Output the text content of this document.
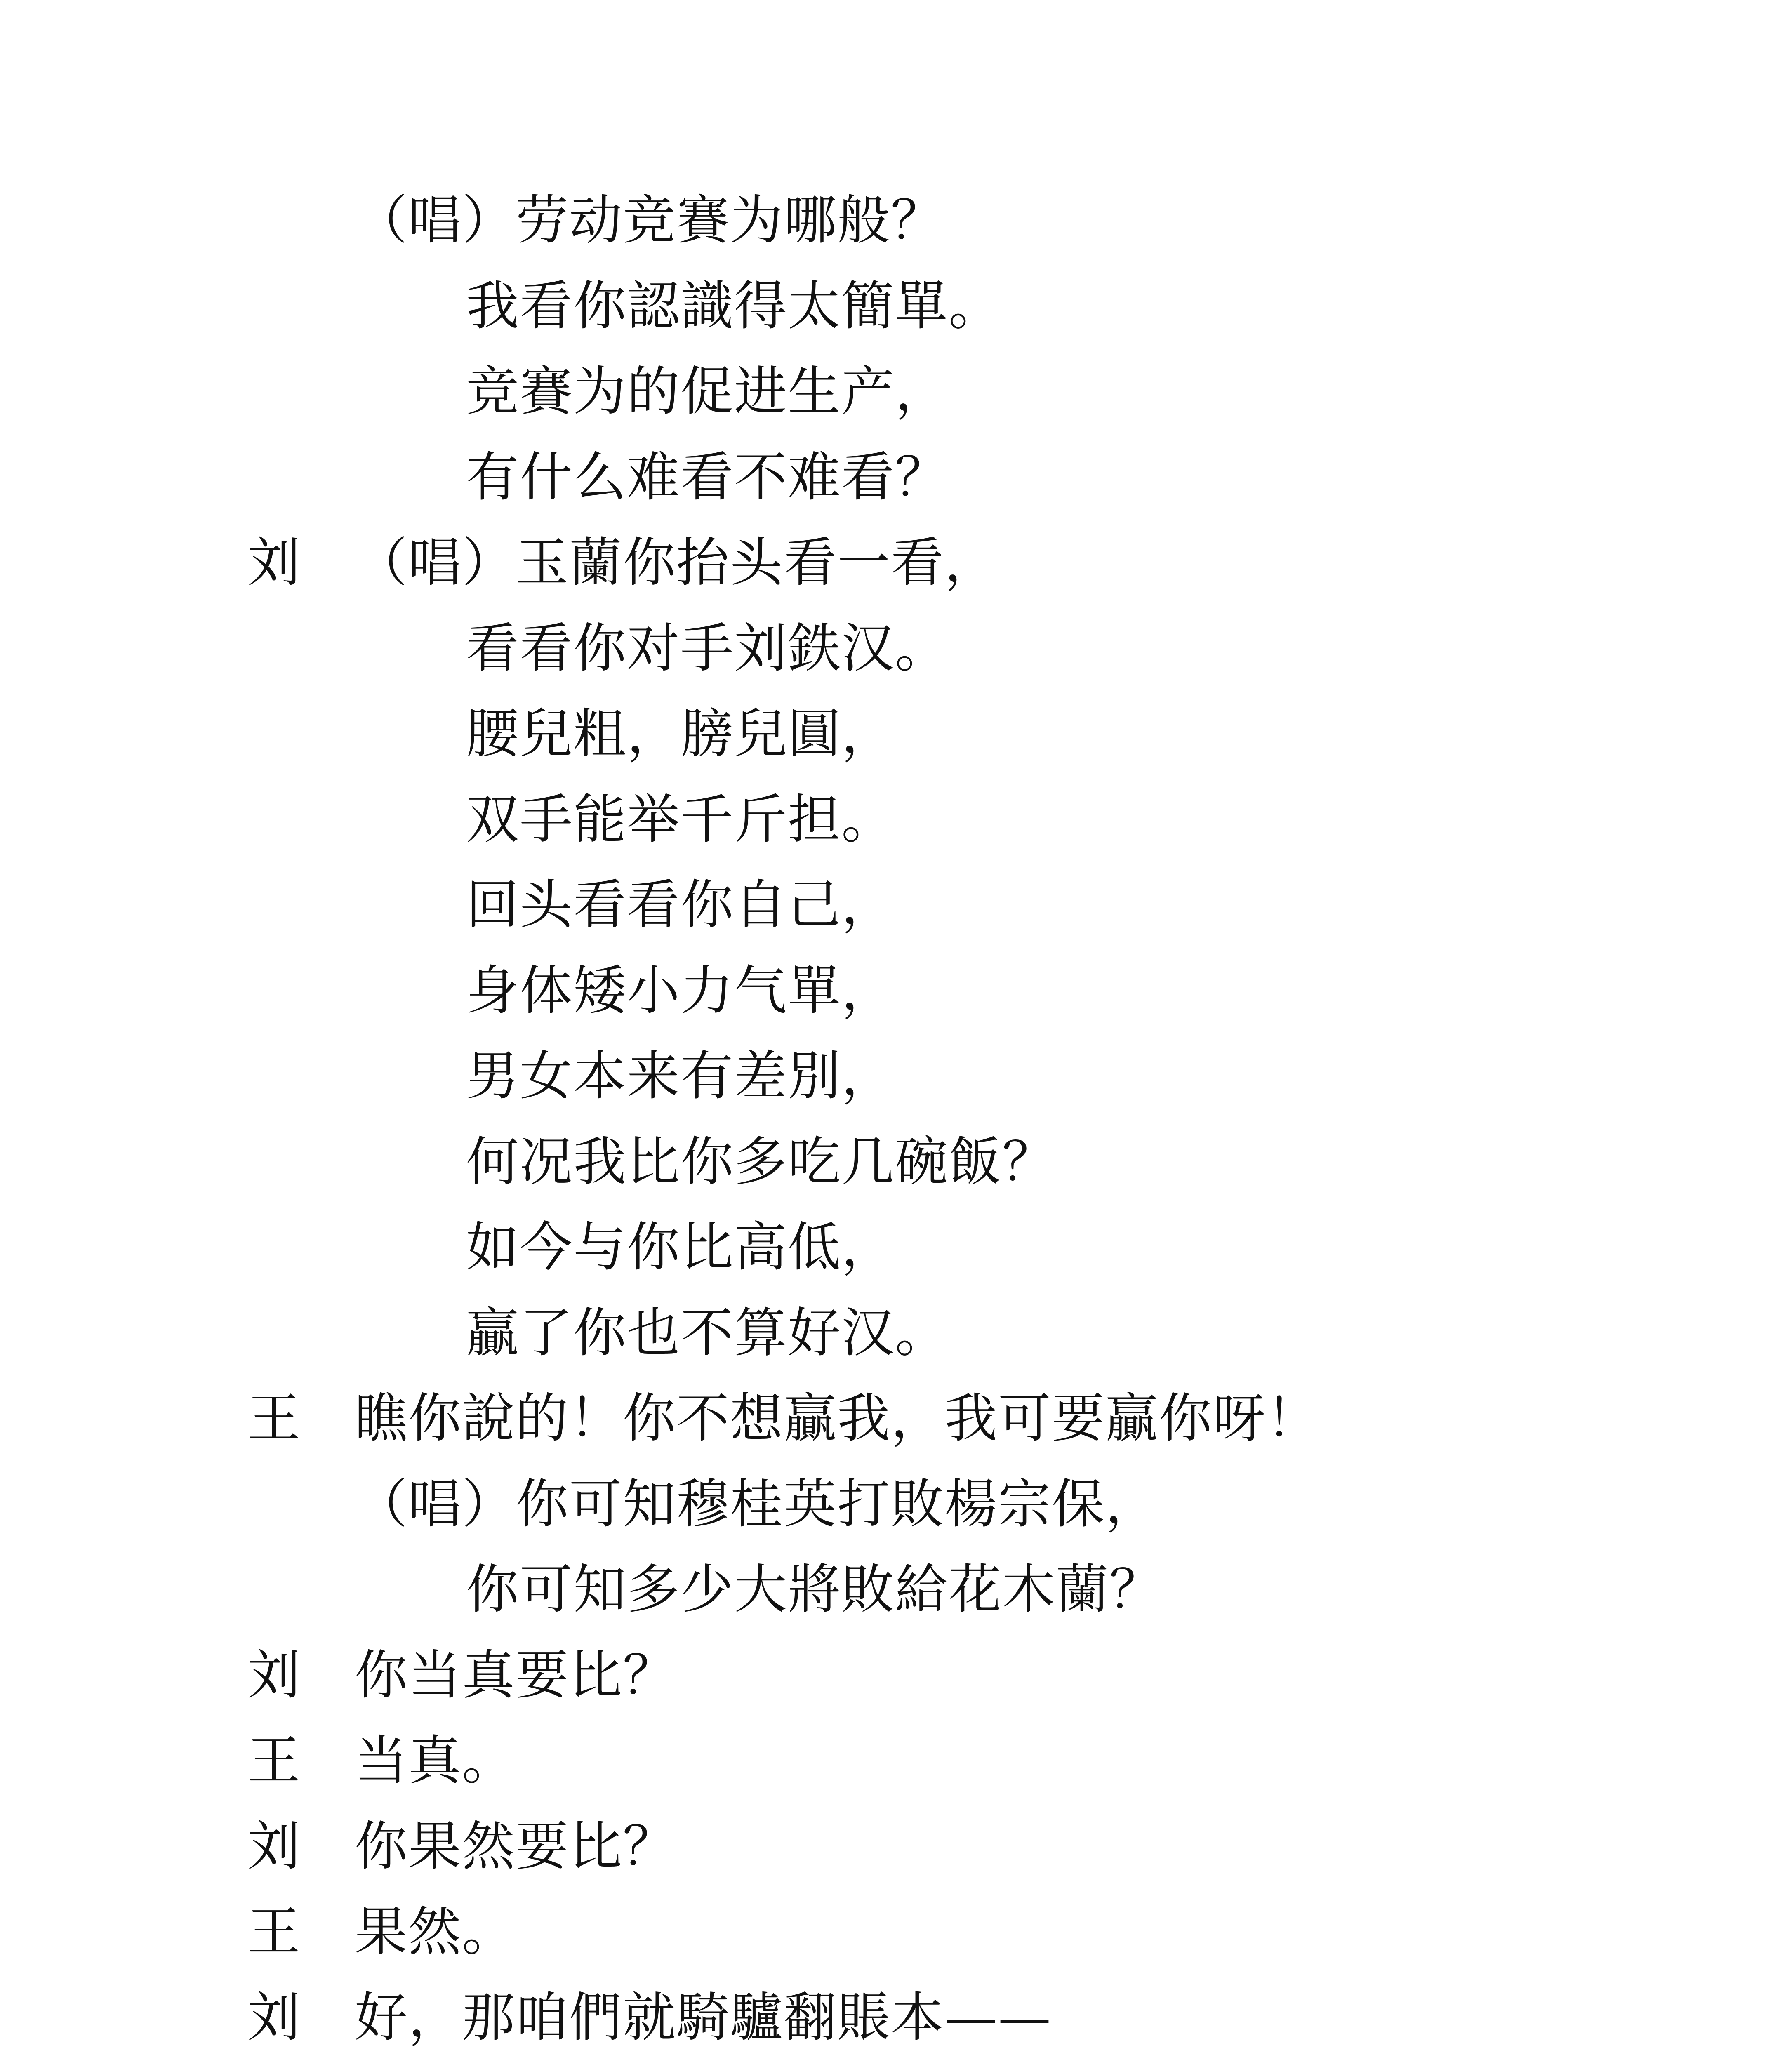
（唱）劳动竞賽为哪般？
我看你認識得太簡單。
竞賽为的促进生产，
有什么难看不难看？
刘 （唱）玉蘭你抬头看一看，
看看你对手刘鉄汉。
腰兒粗，膀兒圓，
双手能举千斤担。
回头看看你自己，
身体矮小力气單，
男女本来有差別，
何况我比你多吃几碗飯？
如今与你比高低，
贏了你也不算好汉。
王 瞧你說的！你不想贏我，我可要贏你呀！
（唱）你可知穆桂英打敗楊宗保，
你可知多少大將敗給花木蘭？
刘 你当真要比？
王 当真。
刘 你果然要比？
王 果然。
刘 好，那咱們就騎驢翻賬本——
